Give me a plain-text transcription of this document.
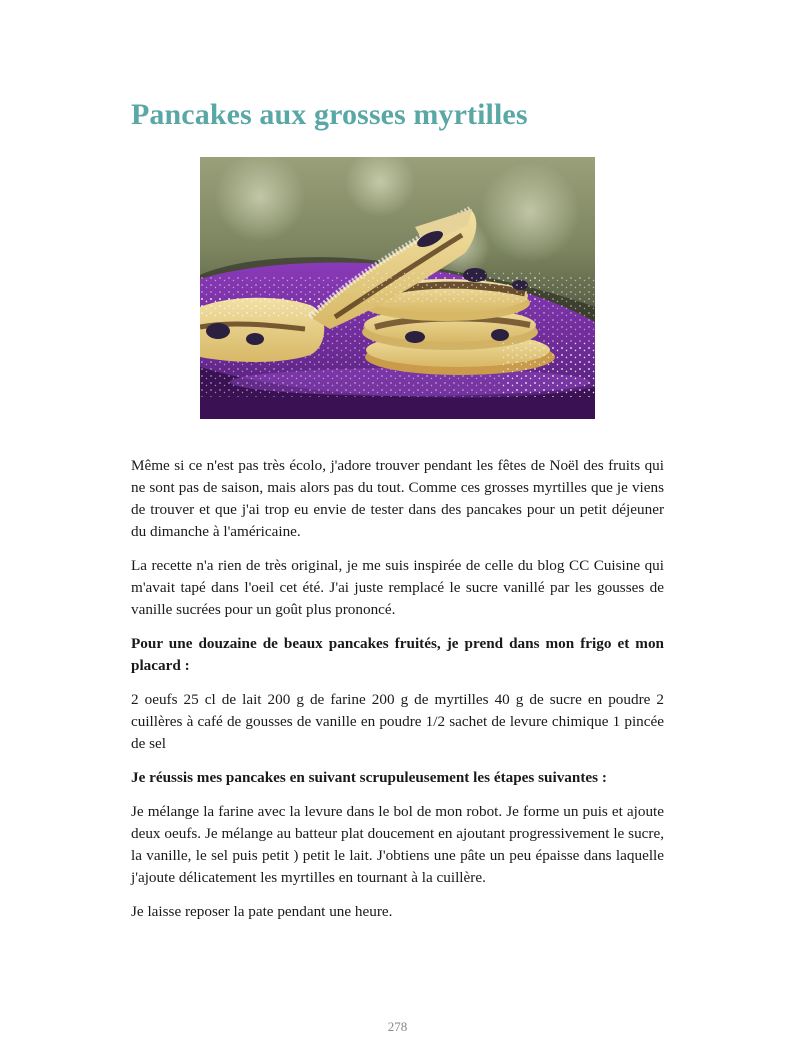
Pancakes aux grosses myrtilles

Même si ce n'est pas très écolo, j'adore trouver pendant les fêtes de Noël des fruits qui ne sont pas de saison, mais alors pas du tout. Comme ces grosses myrtilles que je viens de trouver et que j'ai trop eu envie de tester dans des pancakes pour un petit déjeuner du dimanche à l'américaine.

La recette n'a rien de très original, je me suis inspirée de celle du blog CC Cuisine qui m'avait tapé dans l'oeil cet été. J'ai juste remplacé le sucre vanillé par les gousses de vanille sucrées pour un goût plus prononcé.

Pour une douzaine de beaux pancakes fruités, je prend dans mon frigo et mon placard :

2 oeufs 25 cl de lait 200 g de farine 200 g de myrtilles 40 g de sucre en poudre 2 cuillères à café de gousses de vanille en poudre 1/2 sachet de levure chimique 1 pincée de sel

Je réussis mes pancakes en suivant scrupuleusement les étapes suivantes :

Je mélange la farine avec la levure dans le bol de mon robot. Je forme un puis et ajoute deux oeufs. Je mélange au batteur plat doucement en ajoutant progressivement le sucre, la vanille, le sel puis petit ) petit le lait. J'obtiens une pâte un peu épaisse dans laquelle j'ajoute délicatement les myrtilles en tournant à la cuillère.

Je laisse reposer la pate pendant une heure.

278
